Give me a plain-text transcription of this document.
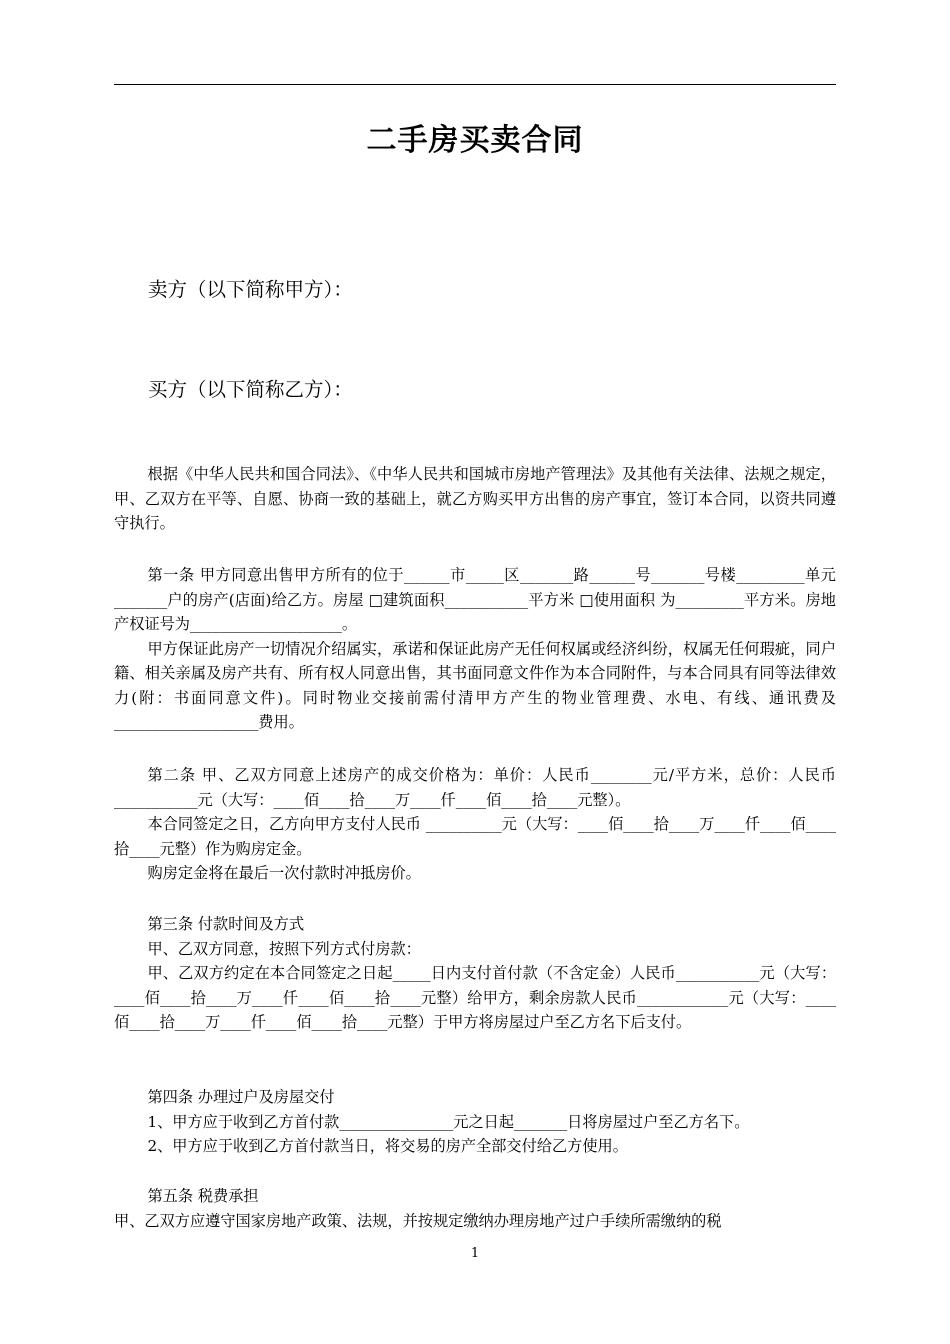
二手房买卖合同
卖方（以下简称甲方）：
买方（以下简称乙方）：

根据《中华人民共和国合同法》、《中华人民共和国城市房地产管理法》及其他有关法律、法规之规定，甲、乙双方在平等、自愿、协商一致的基础上，就乙方购买甲方出售的房产事宜，签订本合同，以资共同遵守执行。

第一条 甲方同意出售甲方所有的位于______市_____区_______路______号_______号楼_________单元_______户的房产(店面)给乙方。房屋 □建筑面积___________平方米 □使用面积 为_________平方米。房地产权证号为____________________。

甲方保证此房产一切情况介绍属实，承诺和保证此房产无任何权属或经济纠纷，权属无任何瑕疵，同户籍、相关亲属及房产共有、所有权人同意出售，其书面同意文件作为本合同附件，与本合同具有同等法律效力(附：书面同意文件)。同时物业交接前需付清甲方产生的物业管理费、水电、有线、通讯费及___________________费用。

第二条 甲、乙双方同意上述房产的成交价格为：单价：人民币________元/平方米，总价：人民币___________元（大写：____佰____拾____万____仟____佰____拾____元整）。

本合同签定之日，乙方向甲方支付人民币 __________元（大写：____佰____拾____万____仟____佰____拾____元整）作为购房定金。

购房定金将在最后一次付款时冲抵房价。

第三条 付款时间及方式

甲、乙双方同意，按照下列方式付房款：

甲、乙双方约定在本合同签定之日起_____日内支付首付款（不含定金）人民币___________元（大写：____佰____拾____万____仟____佰____拾____元整）给甲方，剩余房款人民币____________元（大写：____佰____拾____万____仟____佰____拾____元整）于甲方将房屋过户至乙方名下后支付。

第四条 办理过户及房屋交付

1、甲方应于收到乙方首付款_______________元之日起_______日将房屋过户至乙方名下。

2、甲方应于收到乙方首付款当日，将交易的房产全部交付给乙方使用。

第五条 税费承担

甲、乙双方应遵守国家房地产政策、法规，并按规定缴纳办理房地产过户手续所需缴纳的税

1
